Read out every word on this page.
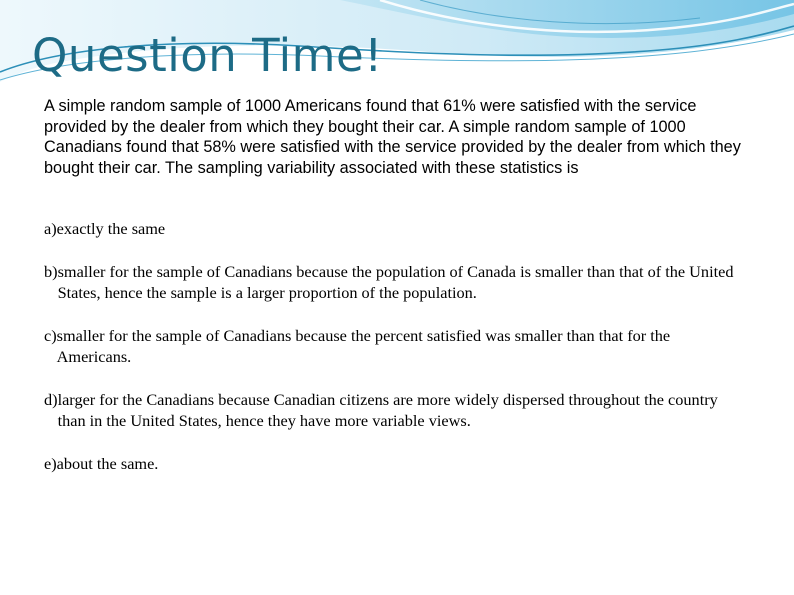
Question Time!

A simple random sample of 1000 Americans found that 61% were satisfied with the service provided by the dealer from which they bought their car. A simple random sample of 1000 Canadians found that 58% were satisfied with the service provided by the dealer from which they bought their car. The sampling variability associated with these statistics is

a) exactly the same
b) smaller for the sample of Canadians because the population of Canada is smaller than that of the United States, hence the sample is a larger proportion of the population.
c) smaller for the sample of Canadians because the percent satisfied was smaller than that for the Americans.
d) larger for the Canadians because Canadian citizens are more widely dispersed throughout the country than in the United States, hence they have more variable views.
e) about the same.
